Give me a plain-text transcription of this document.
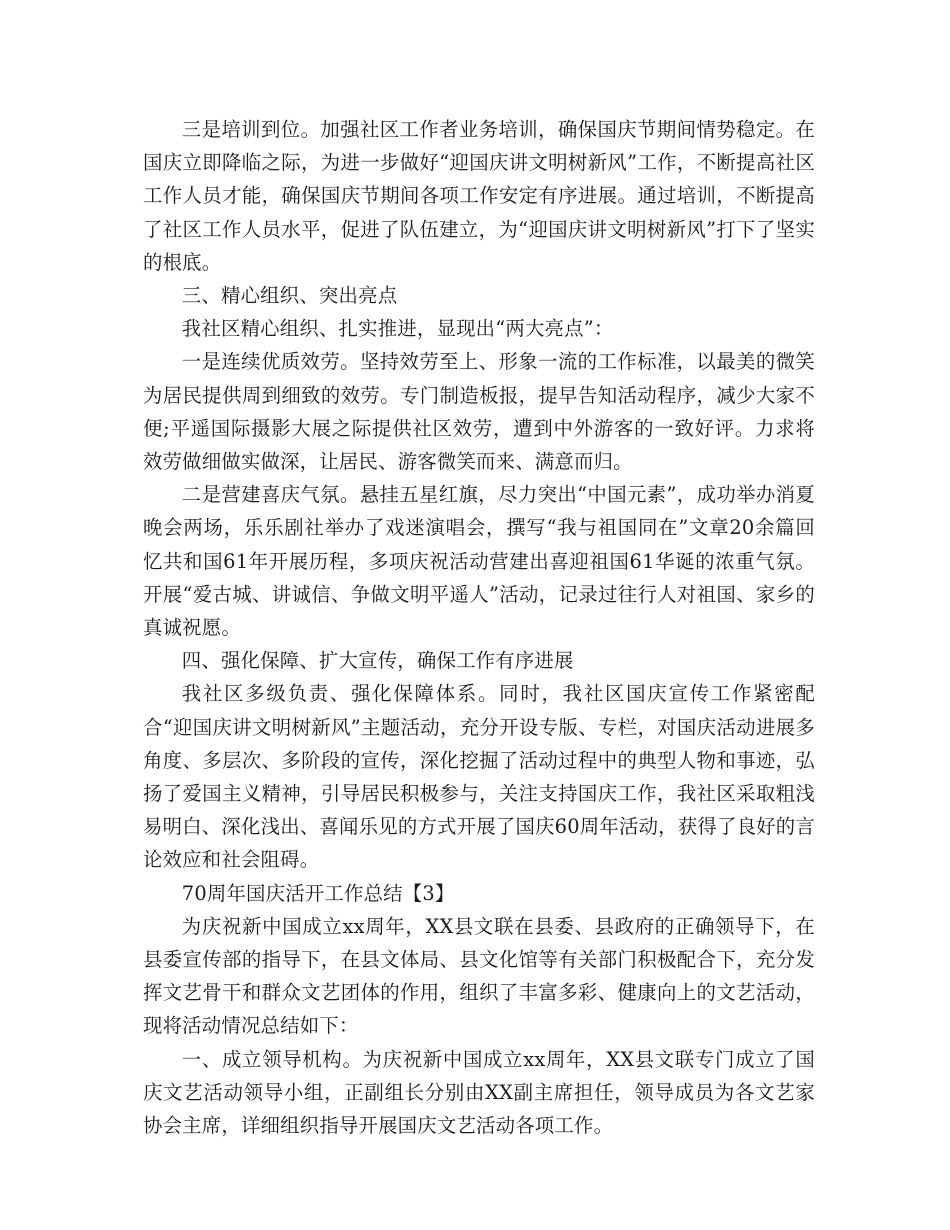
三是培训到位。加强社区工作者业务培训，确保国庆节期间情势稳定。在国庆立即降临之际，为进一步做好“迎国庆讲文明树新风”工作，不断提高社区工作人员才能，确保国庆节期间各项工作安定有序进展。通过培训，不断提高了社区工作人员水平，促进了队伍建立，为“迎国庆讲文明树新风”打下了坚实的根底。

三、精心组织、突出亮点

我社区精心组织、扎实推进，显现出“两大亮点”：

一是连续优质效劳。坚持效劳至上、形象一流的工作标准，以最美的微笑为居民提供周到细致的效劳。专门制造板报，提早告知活动程序，减少大家不便;平遥国际摄影大展之际提供社区效劳，遭到中外游客的一致好评。力求将效劳做细做实做深，让居民、游客微笑而来、满意而归。

二是营建喜庆气氛。悬挂五星红旗，尽力突出“中国元素”，成功举办消夏晚会两场，乐乐剧社举办了戏迷演唱会，撰写“我与祖国同在”文章20余篇回忆共和国61年开展历程，多项庆祝活动营建出喜迎祖国61华诞的浓重气氛。开展“爱古城、讲诚信、争做文明平遥人”活动，记录过往行人对祖国、家乡的真诚祝愿。

四、强化保障、扩大宣传，确保工作有序进展

我社区多级负责、强化保障体系。同时，我社区国庆宣传工作紧密配合“迎国庆讲文明树新风”主题活动，充分开设专版、专栏，对国庆活动进展多角度、多层次、多阶段的宣传，深化挖掘了活动过程中的典型人物和事迹，弘扬了爱国主义精神，引导居民积极参与，关注支持国庆工作，我社区采取粗浅易明白、深化浅出、喜闻乐见的方式开展了国庆60周年活动，获得了良好的言论效应和社会阻碍。

70周年国庆活开工作总结【3】

为庆祝新中国成立xx周年，XX县文联在县委、县政府的正确领导下，在县委宣传部的指导下，在县文体局、县文化馆等有关部门积极配合下，充分发挥文艺骨干和群众文艺团体的作用，组织了丰富多彩、健康向上的文艺活动，现将活动情况总结如下：

一、成立领导机构。为庆祝新中国成立xx周年，XX县文联专门成立了国庆文艺活动领导小组，正副组长分别由XX副主席担任，领导成员为各文艺家协会主席，详细组织指导开展国庆文艺活动各项工作。
